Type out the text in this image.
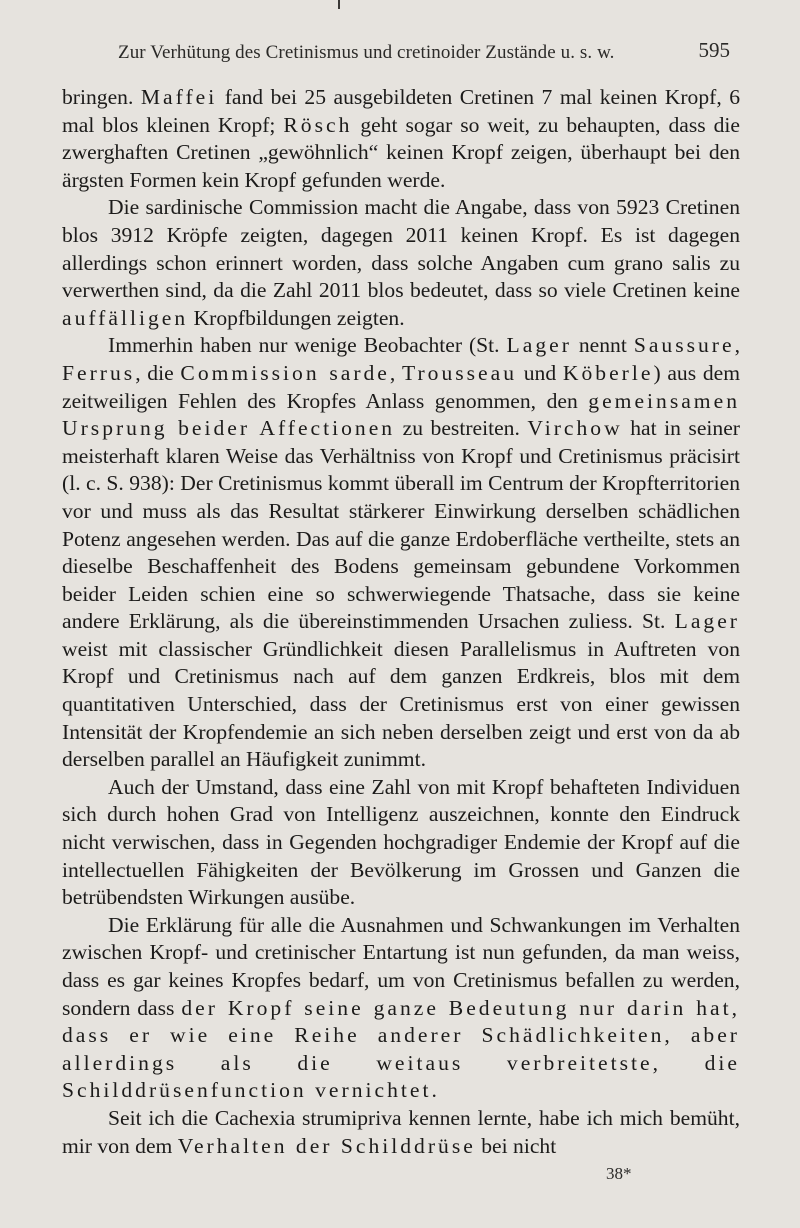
Zur Verhütung des Cretinismus und cretinoider Zustände u. s. w.	595

bringen. Maffei fand bei 25 ausgebildeten Cretinen 7 mal keinen Kropf, 6 mal blos kleinen Kropf; Rösch geht sogar so weit, zu behaupten, dass die zwerghaften Cretinen „gewöhnlich“ keinen Kropf zeigen, überhaupt bei den ärgsten Formen kein Kropf gefunden werde.

Die sardinische Commission macht die Angabe, dass von 5923 Cretinen blos 3912 Kröpfe zeigten, dagegen 2011 keinen Kropf. Es ist dagegen allerdings schon erinnert worden, dass solche Angaben cum grano salis zu verwerthen sind, da die Zahl 2011 blos bedeutet, dass so viele Cretinen keine auffälligen Kropfbildungen zeigten.

Immerhin haben nur wenige Beobachter (St. Lager nennt Saussure, Ferrus, die Commission sarde, Trousseau und Köberle) aus dem zeitweiligen Fehlen des Kropfes Anlass genommen, den gemeinsamen Ursprung beider Affectionen zu bestreiten. Virchow hat in seiner meisterhaft klaren Weise das Verhältniss von Kropf und Cretinismus präcisirt (l. c. S. 938): Der Cretinismus kommt überall im Centrum der Kropfterritorien vor und muss als das Resultat stärkerer Einwirkung derselben schädlichen Potenz angesehen werden. Das auf die ganze Erdoberfläche vertheilte, stets an dieselbe Beschaffenheit des Bodens gemeinsam gebundene Vorkommen beider Leiden schien eine so schwerwiegende Thatsache, dass sie keine andere Erklärung, als die übereinstimmenden Ursachen zuliess. St. Lager weist mit classischer Gründlichkeit diesen Parallelismus in Auftreten von Kropf und Cretinismus nach auf dem ganzen Erdkreis, blos mit dem quantitativen Unterschied, dass der Cretinismus erst von einer gewissen Intensität der Kropfendemie an sich neben derselben zeigt und erst von da ab derselben parallel an Häufigkeit zunimmt.

Auch der Umstand, dass eine Zahl von mit Kropf behafteten Individuen sich durch hohen Grad von Intelligenz auszeichnen, konnte den Eindruck nicht verwischen, dass in Gegenden hochgradiger Endemie der Kropf auf die intellectuellen Fähigkeiten der Bevölkerung im Grossen und Ganzen die betrübendsten Wirkungen ausübe.

Die Erklärung für alle die Ausnahmen und Schwankungen im Verhalten zwischen Kropf- und cretinischer Entartung ist nun gefunden, da man weiss, dass es gar keines Kropfes bedarf, um von Cretinismus befallen zu werden, sondern dass der Kropf seine ganze Bedeutung nur darin hat, dass er wie eine Reihe anderer Schädlichkeiten, aber allerdings als die weitaus verbreitetste, die Schilddrüsenfunction vernichtet.

Seit ich die Cachexia strumipriva kennen lernte, habe ich mich bemüht, mir von dem Verhalten der Schilddrüse bei nicht

38*
